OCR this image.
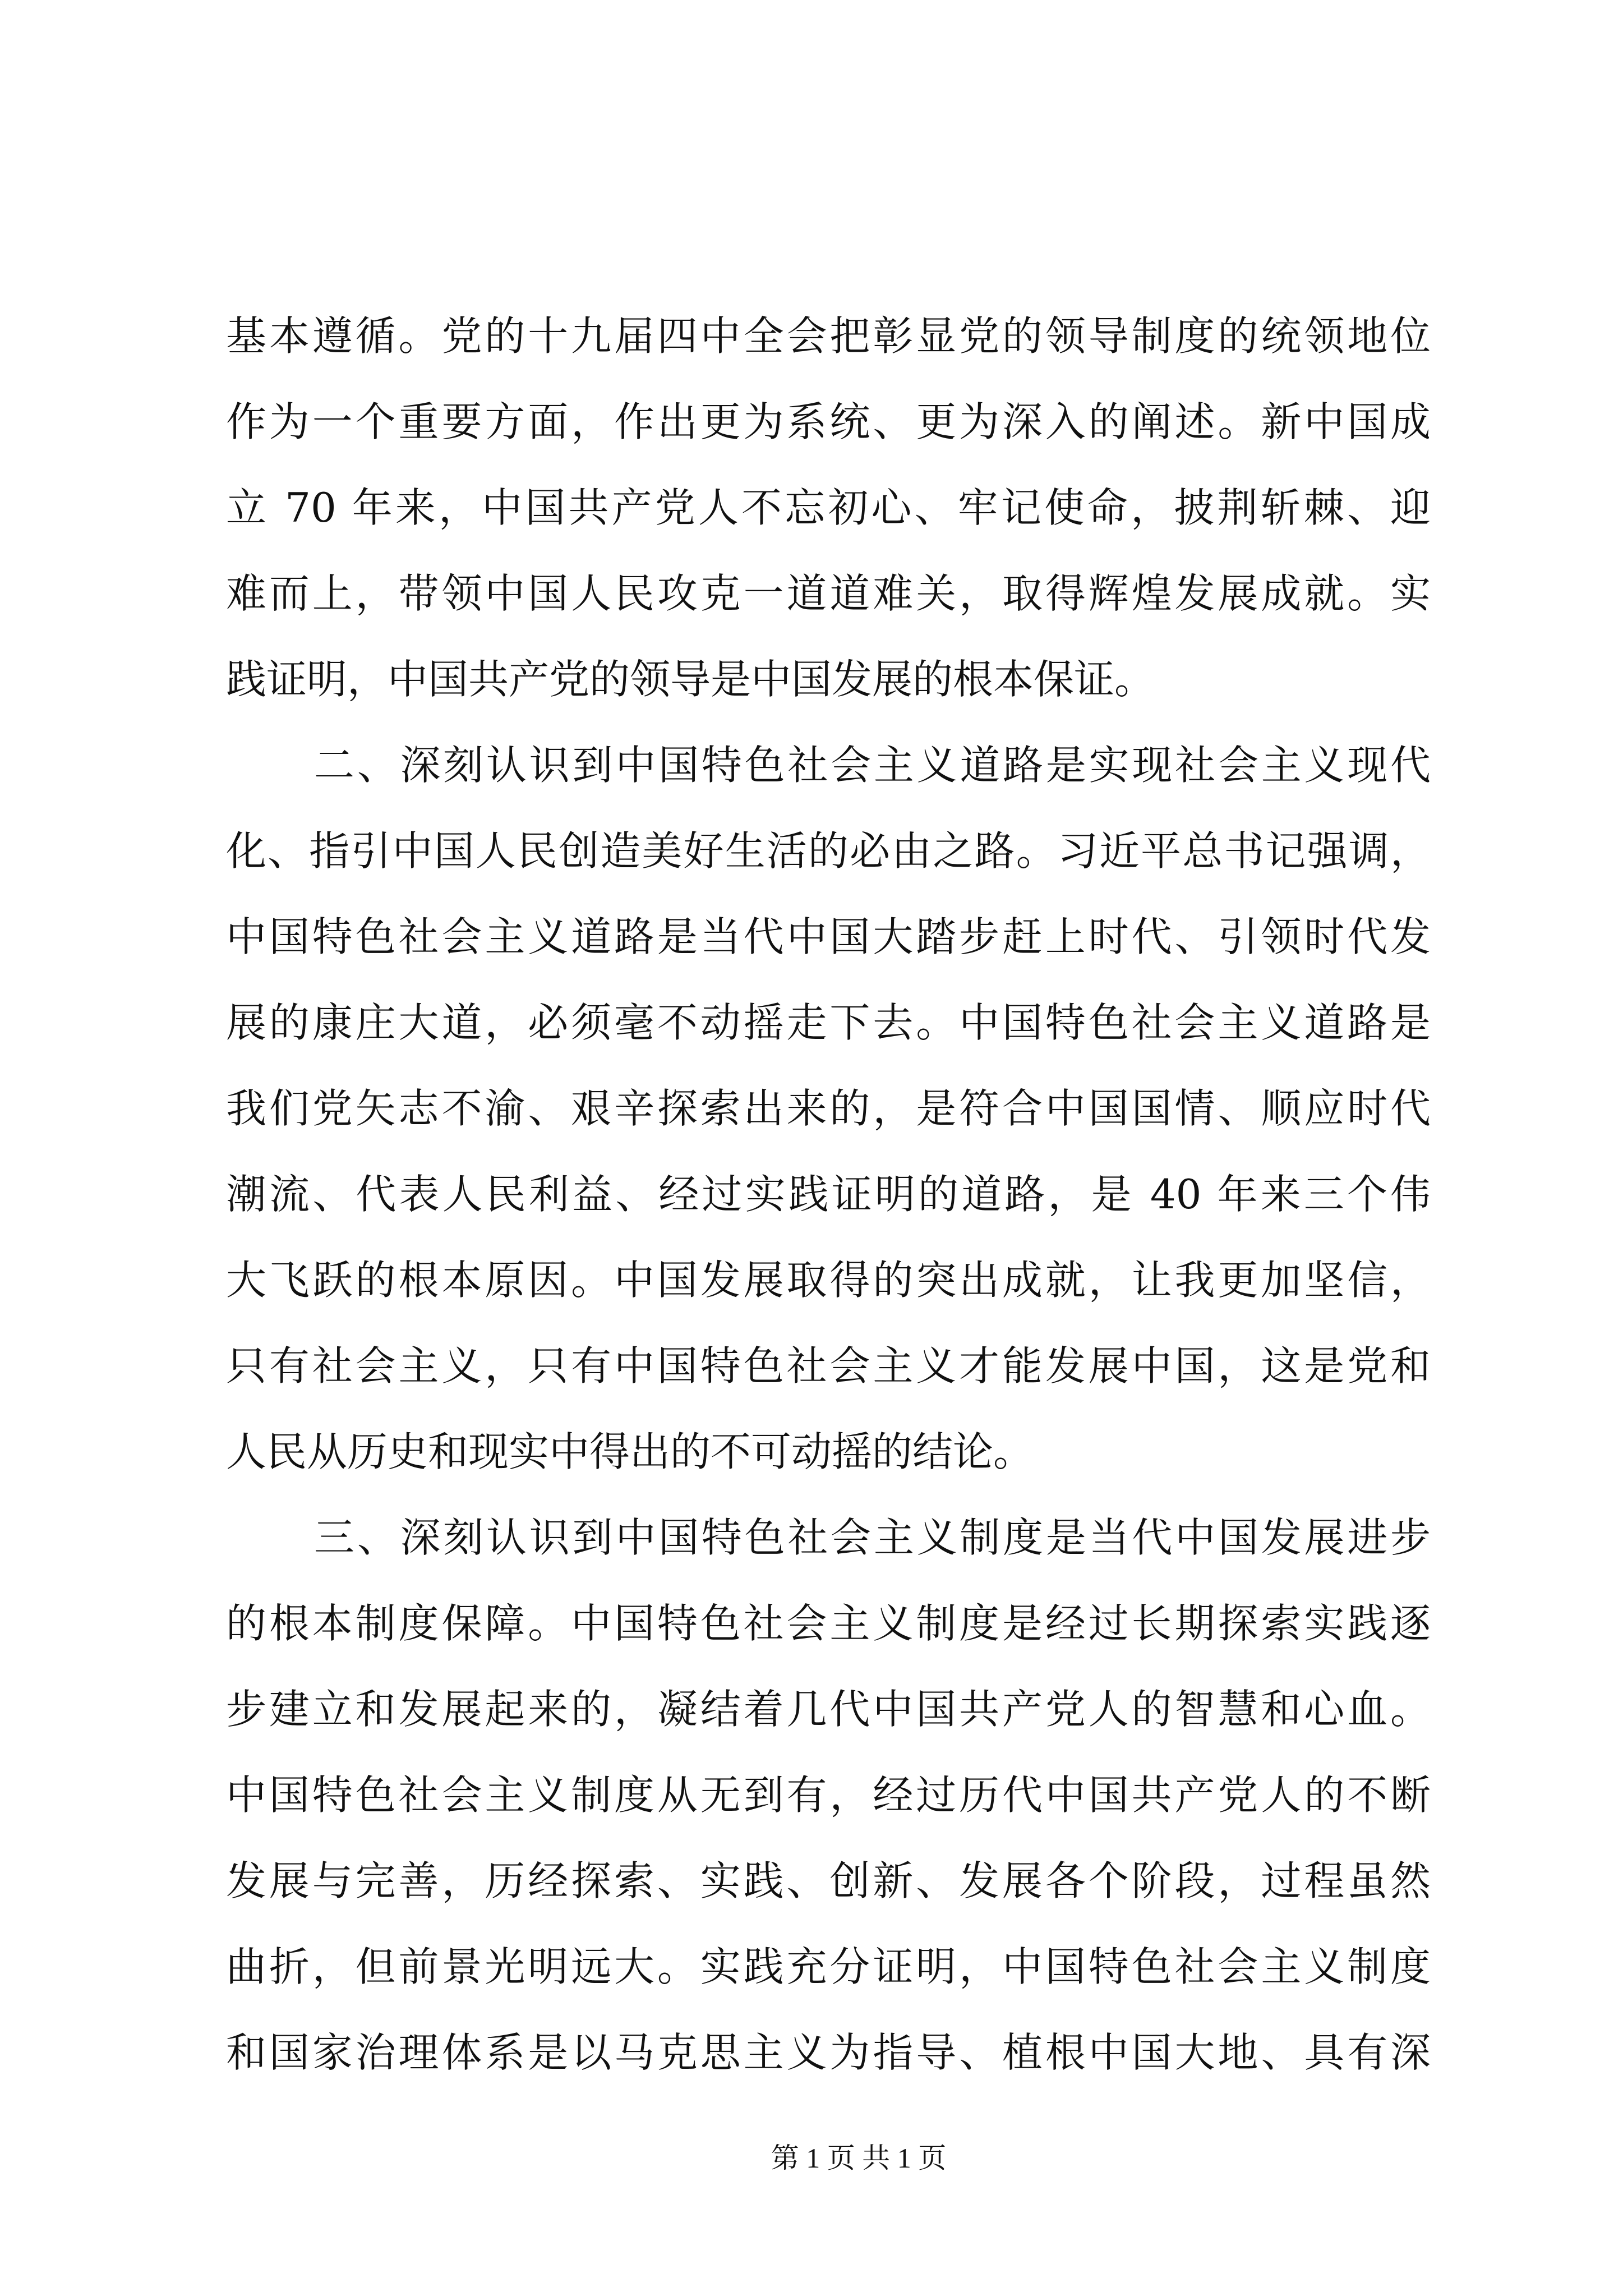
基本遵循。党的十九届四中全会把彰显党的领导制度的统领地位
作为一个重要方面，作出更为系统、更为深入的阐述。新中国成
立 70 年来，中国共产党人不忘初心、牢记使命，披荆斩棘、迎
难而上，带领中国人民攻克一道道难关，取得辉煌发展成就。实
践证明，中国共产党的领导是中国发展的根本保证。
二、深刻认识到中国特色社会主义道路是实现社会主义现代
化、指引中国人民创造美好生活的必由之路。习近平总书记强调，
中国特色社会主义道路是当代中国大踏步赶上时代、引领时代发
展的康庄大道，必须毫不动摇走下去。中国特色社会主义道路是
我们党矢志不渝、艰辛探索出来的，是符合中国国情、顺应时代
潮流、代表人民利益、经过实践证明的道路，是 40 年来三个伟
大飞跃的根本原因。中国发展取得的突出成就，让我更加坚信，
只有社会主义，只有中国特色社会主义才能发展中国，这是党和
人民从历史和现实中得出的不可动摇的结论。
三、深刻认识到中国特色社会主义制度是当代中国发展进步
的根本制度保障。中国特色社会主义制度是经过长期探索实践逐
步建立和发展起来的，凝结着几代中国共产党人的智慧和心血。
中国特色社会主义制度从无到有，经过历代中国共产党人的不断
发展与完善，历经探索、实践、创新、发展各个阶段，过程虽然
曲折，但前景光明远大。实践充分证明，中国特色社会主义制度
和国家治理体系是以马克思主义为指导、植根中国大地、具有深
第 1 页 共 1 页
